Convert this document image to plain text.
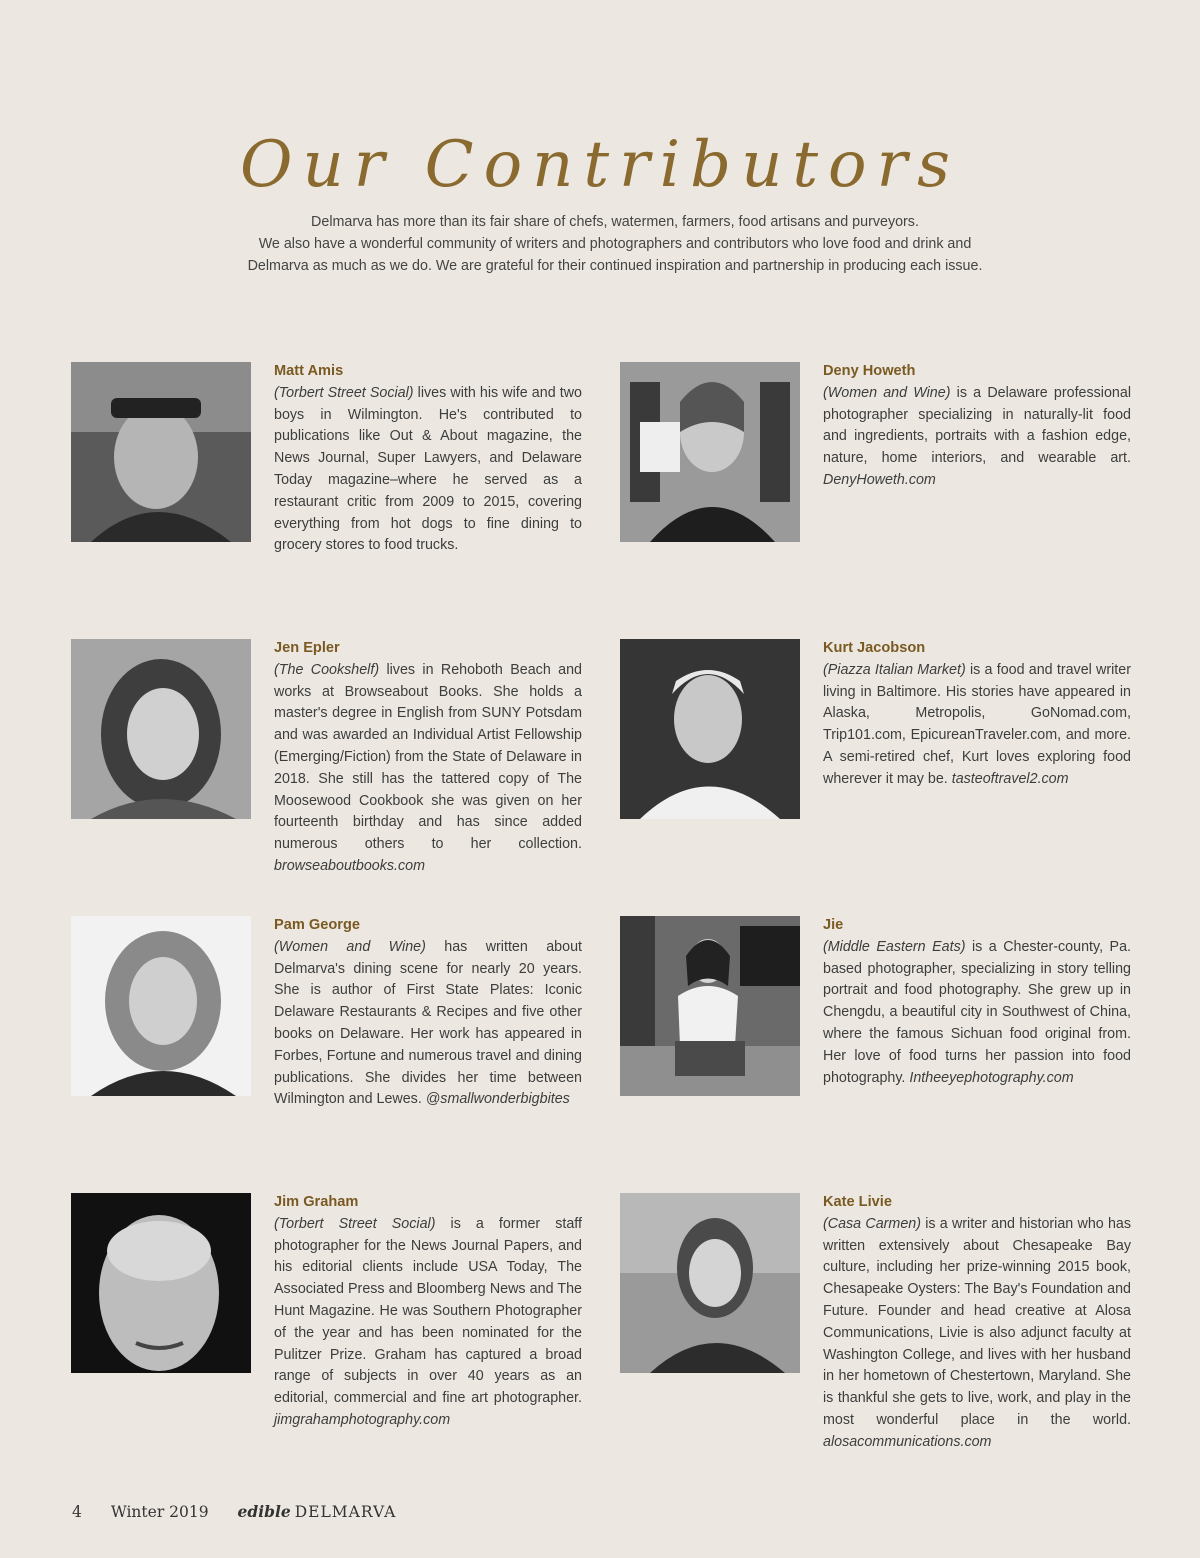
Our Contributors

Delmarva has more than its fair share of chefs, watermen, farmers, food artisans and purveyors.

We also have a wonderful community of writers and photographers and contributors who love food and drink and

Delmarva as much as we do. We are grateful for their continued inspiration and partnership in producing each issue.

Matt Amis
(Torbert Street Social) lives with his wife and two boys in Wilmington. He's contributed to publications like Out & About magazine, the News Journal, Super Lawyers, and Delaware Today magazine–where he served as a restaurant critic from 2009 to 2015, covering everything from hot dogs to fine dining to grocery stores to food trucks.
Deny Howeth
(Women and Wine) is a Delaware professional photographer specializing in naturally-lit food and ingredients, portraits with a fashion edge, nature, home interiors, and wearable art. DenyHoweth.com
Jen Epler
(The Cookshelf) lives in Rehoboth Beach and works at Browseabout Books. She holds a master's degree in English from SUNY Potsdam and was awarded an Individual Artist Fellowship (Emerging/Fiction) from the State of Delaware in 2018. She still has the tattered copy of The Moosewood Cookbook she was given on her fourteenth birthday and has since added numerous others to her collection. browseaboutbooks.com
Kurt Jacobson
(Piazza Italian Market) is a food and travel writer living in Baltimore. His stories have appeared in Alaska, Metropolis, GoNomad.com, Trip101.com, EpicureanTraveler.com, and more. A semi-retired chef, Kurt loves exploring food wherever it may be. tasteoftravel2.com
Pam George
(Women and Wine) has written about Delmarva's dining scene for nearly 20 years. She is author of First State Plates: Iconic Delaware Restaurants & Recipes and five other books on Delaware. Her work has appeared in Forbes, Fortune and numerous travel and dining publications. She divides her time between Wilmington and Lewes. @smallwonderbigbites
Jie
(Middle Eastern Eats) is a Chester-county, Pa. based photographer, specializing in story telling portrait and food photography. She grew up in Chengdu, a beautiful city in Southwest of China, where the famous Sichuan food original from. Her love of food turns her passion into food photography. Intheeyephotography.com
Jim Graham
(Torbert Street Social) is a former staff photographer for the News Journal Papers, and his editorial clients include USA Today, The Associated Press and Bloomberg News and The Hunt Magazine. He was Southern Photographer of the year and has been nominated for the Pulitzer Prize. Graham has captured a broad range of subjects in over 40 years as an editorial, commercial and fine art photographer. jimgrahamphotography.com
Kate Livie
(Casa Carmen) is a writer and historian who has written extensively about Chesapeake Bay culture, including her prize-winning 2015 book, Chesapeake Oysters: The Bay's Foundation and Future. Founder and head creative at Alosa Communications, Livie is also adjunct faculty at Washington College, and lives with her husband in her hometown of Chestertown, Maryland. She is thankful she gets to live, work, and play in the most wonderful place in the world. alosacommunications.com
4 Winter 2019 edible DELMARVA
